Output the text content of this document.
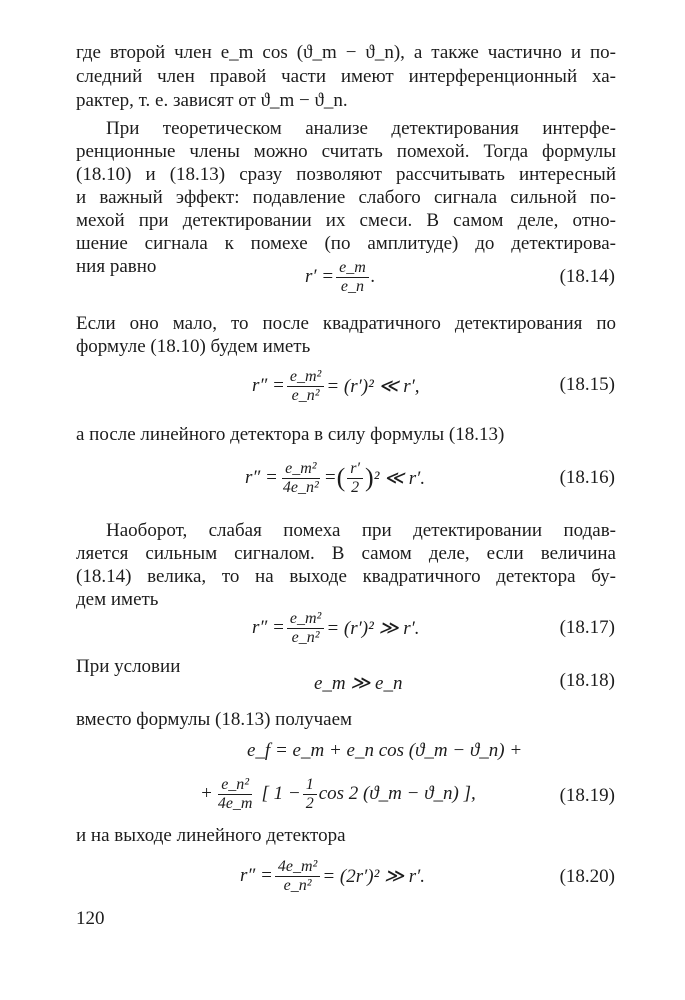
где второй член e_m cos (ϑ_m − ϑ_n), а также частично и по-
следний член правой части имеют интерференционный ха-
рактер, т. е. зависят от ϑ_m − ϑ_n.
При теоретическом анализе детектирования интерфе-
ренционные члены можно считать помехой. Тогда формулы
(18.10) и (18.13) сразу позволяют рассчитывать интересный
и важный эффект: подавление слабого сигнала сильной по-
мехой при детектировании их смеси. В самом деле, отно-
шение сигнала к помехе (по амплитуде) до детектирова-
ния равно	$r' = \frac{e\_m}{e\_n}$ .	(18.14)
Если оно мало, то после квадратичного детектирования по
формуле (18.10) будем иметь
$r'' = \frac{\text{e\_m²}}{\text{e\_n²}} = (r')^2$ ≪ r′,	(18.15)
а после линейного детектора в силу формулы (18.13)
$r'' = \frac{\text{e\_m²}}{\text{4e\_n²}}$ = ( $\frac{r'}{2}$ ) ² ≪ r′.	(18.16)
Наоборот, слабая помеха при детектировании подав-
ляется сильным сигналом. В самом деле, если величина
(18.14) велика, то на выходе квадратичного детектора бу-
дем иметь
$r'' = \frac{\text{e\_m²}}{\text{e\_n²}} = (r')^2$ ≫ r′.	(18.17)
При условии
e_m ≫ e_n	(18.18)
вместо формулы (18.13) получаем
e_f = e_m + e_n cos (ϑ_m − ϑ_n) +
+ $\frac{\text{e\_n²}}{4e\_m}$ [ $1 - \frac{1}{2}$ cos 2 (ϑ_m − ϑ_n) ],	(18.19)
и на выходе линейного детектора
$r'' = \frac{\text{4e\_m²}}{\text{e\_n²}} = (2r')^2$ ≫ r′.	(18.20)
120
